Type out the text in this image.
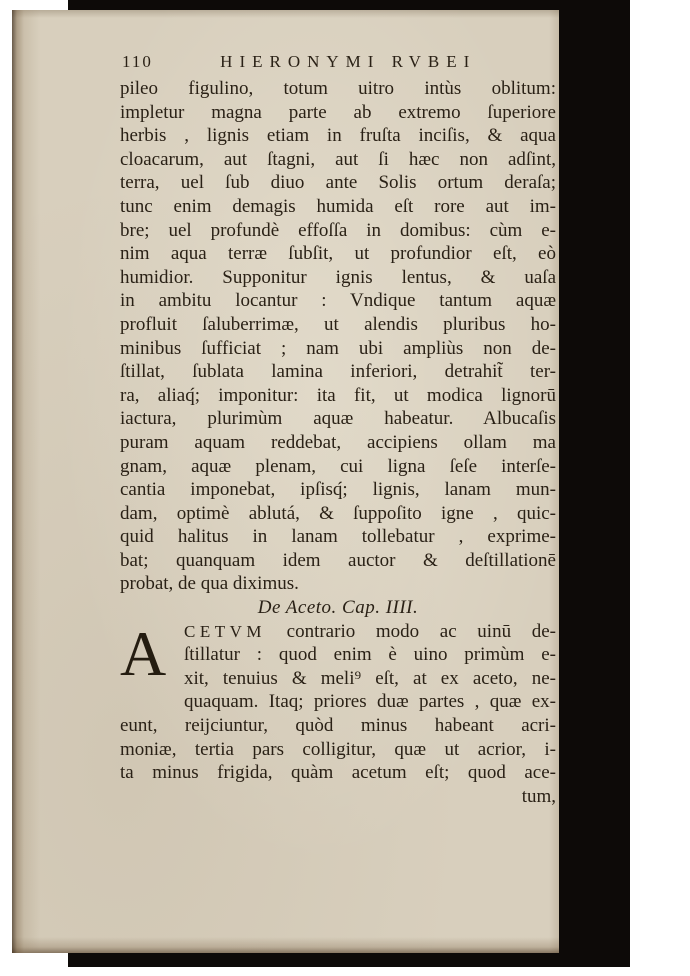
110	HIERONYMI RVBEI
pileo figulino, totum uitro intùs oblitum:
impletur magna parte ab extremo ſuperiore
herbis , lignis etiam in fruſta inciſis, & aqua
cloacarum, aut ſtagni, aut ſi hæc non adſint,
terra, uel ſub diuo ante Solis ortum deraſa;
tunc enim demagis humida eſt rore aut im-
bre; uel profundè effoſſa in domibus: cùm e-
nim aqua terræ ſubſit, ut profundior eſt, eò
humidior. Supponitur ignis lentus, & uaſa
in ambitu locantur : Vndique tantum aquæ
profluit ſaluberrimæ, ut alendis pluribus ho-
minibus ſufficiat ; nam ubi ampliùs non de-
ſtillat, ſublata lamina inferiori, detrahit̃ ter-
ra, aliaq́; imponitur: ita fit, ut modica lignorū
iactura, plurimùm aquæ habeatur. Albucaſis
puram aquam reddebat, accipiens ollam ma
gnam, aquæ plenam, cui ligna ſeſe interſe-
cantia imponebat, ipſisq́; lignis, lanam mun-
dam, optimè ablutá, & ſuppoſito igne , quic-
quid halitus in lanam tollebatur , exprime-
bat; quanquam idem auctor & deſtillationē
probat, de qua diximus.
De Aceto. Cap. IIII.
A	CETVM contrario modo ac uinū de-
ſtillatur : quod enim è uino primùm e-
xit, tenuius & meli⁹ eſt, at ex aceto, ne-
quaquam. Itaq; priores duæ partes , quæ ex-
eunt, reijciuntur, quòd minus habeant acri-
moniæ, tertia pars colligitur, quæ ut acrior, i-
ta minus frigida, quàm acetum eſt; quod ace-
tum,
